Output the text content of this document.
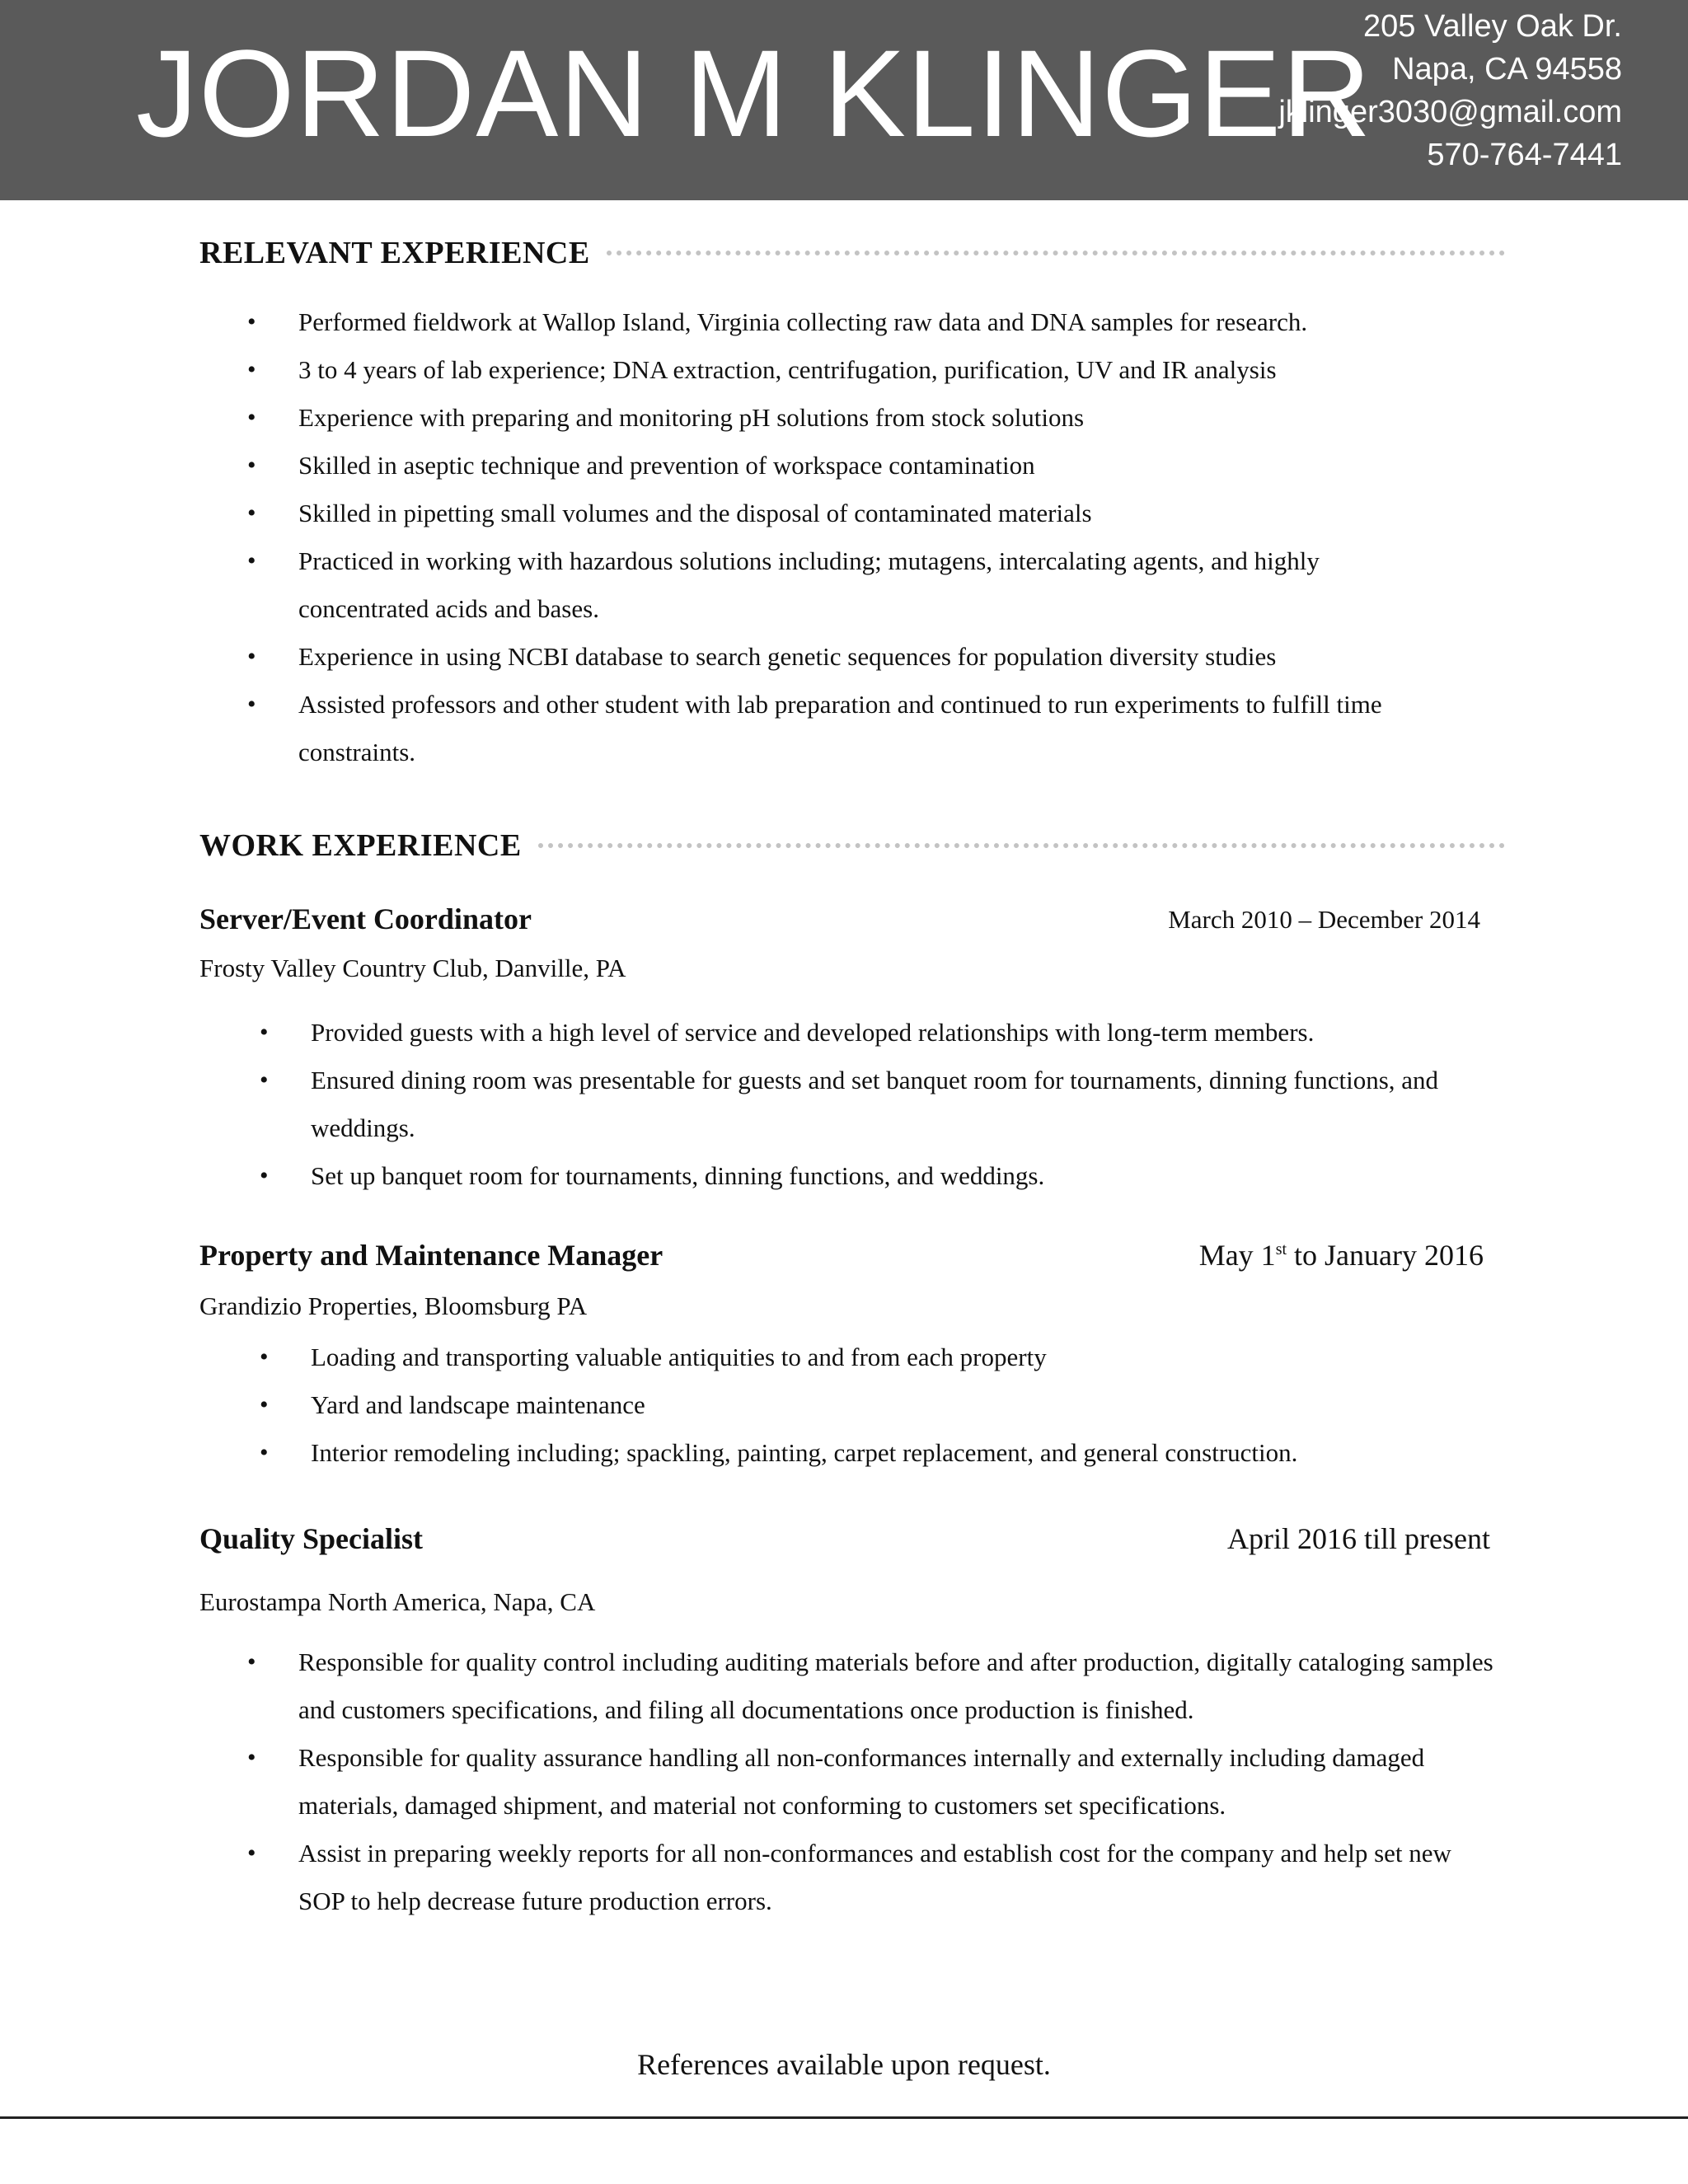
JORDAN M KLINGER
205 Valley Oak Dr.
Napa, CA 94558
jklinger3030@gmail.com
570-764-7441
RELEVANT EXPERIENCE
• Performed fieldwork at Wallop Island, Virginia collecting raw data and DNA samples for research.
• 3 to 4 years of lab experience; DNA extraction, centrifugation, purification, UV and IR analysis
• Experience with preparing and monitoring pH solutions from stock solutions
• Skilled in aseptic technique and prevention of workspace contamination
• Skilled in pipetting small volumes and the disposal of contaminated materials
• Practiced in working with hazardous solutions including; mutagens, intercalating agents, and highly concentrated acids and bases.
• Experience in using NCBI database to search genetic sequences for population diversity studies
• Assisted professors and other student with lab preparation and continued to run experiments to fulfill time constraints.
WORK EXPERIENCE
Server/Event Coordinator	March 2010 – December 2014
Frosty Valley Country Club, Danville, PA
• Provided guests with a high level of service and developed relationships with long-term members.
• Ensured dining room was presentable for guests and set banquet room for tournaments, dinning functions, and weddings.
• Set up banquet room for tournaments, dinning functions, and weddings.
Property and Maintenance Manager	May 1st to January 2016
Grandizio Properties, Bloomsburg PA
• Loading and transporting valuable antiquities to and from each property
• Yard and landscape maintenance
• Interior remodeling including; spackling, painting, carpet replacement, and general construction.
Quality Specialist	April 2016 till present
Eurostampa North America, Napa, CA
• Responsible for quality control including auditing materials before and after production, digitally cataloging samples and customers specifications, and filing all documentations once production is finished.
• Responsible for quality assurance handling all non-conformances internally and externally including damaged materials, damaged shipment, and material not conforming to customers set specifications.
• Assist in preparing weekly reports for all non-conformances and establish cost for the company and help set new SOP to help decrease future production errors.
References available upon request.
